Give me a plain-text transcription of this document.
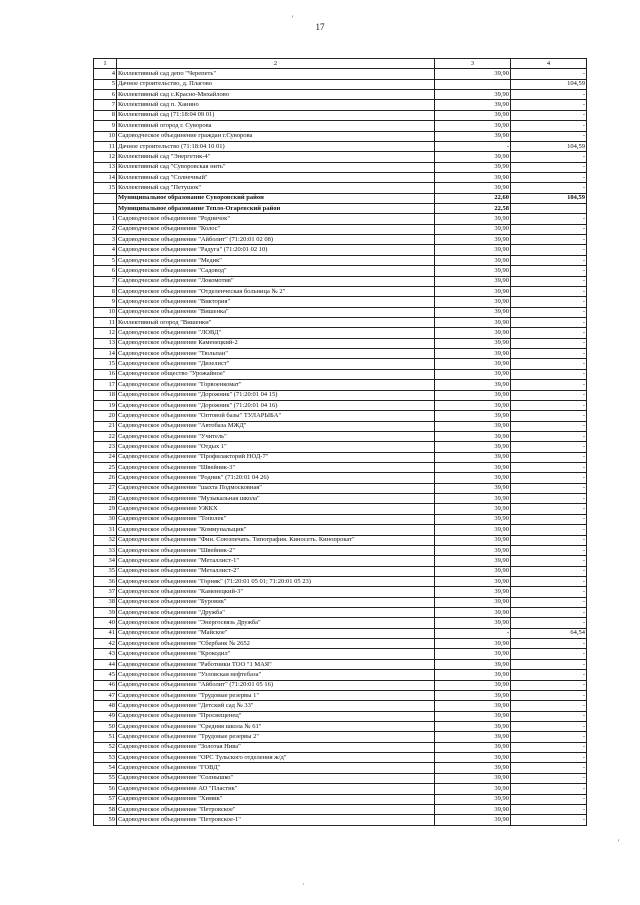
17
'
'
·
1	2	3	4
4	Коллективный сад депо "Черепеть"	39,90	-
5	Дачное строительство, д. Плагово		104,59
6	Коллективный сад с.Красно-Михайлово	39,90	-
7	Коллективный сад п. Ханино	39,90	-
8	Коллективный сад (71:18:04 09 01)	39,90	-
9	Коллективный огород г. Суворова	39,90	-
10	Садоводческое объединение граждан г.Суворова	39,90	-
11	Дачное строительство (71:18:04 10 01)	-	104,59
12	Коллективный сад "Энергетик-4"	39,90	-
13	Коллективный сад "Суворовская нить"	39,90	-
14	Коллективный сад "Солнечный"	39,90	-
15	Коллективный сад "Петушок"	39,90	-
	Муниципальное образование Суворовский район	22,60	104,59
	Муниципальное образование Тепло-Огаревский район	22,58	
1	Садоводческое объединение "Родничок"	39,90	-
2	Садоводческое объединение "Колос"	39,90	-
3	Садоводческое объединение "Айболит" (71:20:01 02 08)	39,90	-
4	Садоводческое объединение "Радуга" (71:20:01 02 10)	39,90	-
5	Садоводческое объединение "Медик"	39,90	-
6	Садоводческое объединение "Садовод"	39,90	-
7	Садоводческое объединение "Локомотив"	39,90	-
8	Садоводческое объединение "Отделенческая больница № 2"	39,90	-
9	Садоводческое объединение "Виктория"	39,90	-
10	Садоводческое объединение "Вишенка"	39,90	-
11	Коллективный огород "Вишенки"	39,90	-
12	Садоводческое объединение "ЛОВД"	39,90	-
13	Садоводческое объединение Каменецкий-2	39,90	-
14	Садоводческое объединение "Тюльпан"	39,90	-
15	Садоводческое объединение "Дизелист"	39,90	-
16	Садоводческое общество "Урожайное"	39,90	-
17	Садоводческое объединение "Горвоенкомат"	39,90	-
18	Садоводческое объединение "Дорожник" (71:20:01 04 15)	39,90	-
19	Садоводческое объединение "Дорожник" (71:20:01 04 16)	39,90	-
20	Садоводческое объединение "Оптовой базы" ТУЛАРЫБА"	39,90	-
21	Садоводческое объединение "Автобаза МЖД"	39,90	-
22	Садоводческое объединение "Учитель"	39,90	-
23	Садоводческое объединение "Отдых 1"	39,90	-
24	Садоводческое объединение "Профилакторий НОД-7"	39,90	-
25	Садоводческое объединение "Швейник-3"	39,90	-
26	Садоводческое объединение "Родник" (71:20:01 04 26)	39,90	-
27	Садоводческое объединение "шахта Подмосковная"	39,90	-
28	Садоводческое объединение "Музыкальная школа"	39,90	-
29	Садоводческое объединение УЖКХ	39,90	-
30	Садоводческое объединение "Тополек"	39,90	-
31	Садоводческое объединение "Коммунальщик"	39,90	-
32	Садоводческое объединение "Фин. Союзпечать. Типография. Киносеть. Кинопрокат"	39,90	-
33	Садоводческое объединение "Швейник-2"	39,90	-
34	Садоводческое объединение "Металлист-1"	39,90	-
35	Садоводческое объединение "Металлист-2"	39,90	-
36	Садоводческое объединение "Горняк" (71:20:01 05 01; 71:20:01 05 23)	39,90	-
37	Садоводческое объединение "Каменецкий-3"	39,90	-
38	Садоводческое объединение "Буровик"	39,90	-
39	Садоводческое объединение "Дружба"	39,90	-
40	Садоводческое объединение "Энергосвязь Дружба"	39,90	-
41	Садоводческое объединение "Майское"	-	64,54
42	Садоводческое объединение "Сбербанк № 2652	39,90	-
43	Садоводческое объединение "Крокодил"	39,90	-
44	Садоводческое объединение "Работники ТОО "1 МАЯ"	39,90	-
45	Садоводческое объединение "Узловская нефтебаза"	39,90	-
46	Садоводческое объединение "Айболит" (71:20:01 05 16)	39,90	-
47	Садоводческое объединение "Трудовые резервы 1"	39,90	-
48	Садоводческое объединение "Детский сад № 33"	39,90	-
49	Садоводческое объединение "Просвещенец"	39,90	-
50	Садоводческое объединение "Средняя школа № 61"	39,90	-
51	Садоводческое объединение "Трудовые резервы 2"	39,90	-
52	Садоводческое объединение "Золотая Нива"	39,90	-
53	Садоводческое объединение "ОРС Тульского отделения ж/д"	39,90	-
54	Садоводческое объединение "ГОВД"	39,90	-
55	Садоводческое объединение "Солнышко"	39,90	-
56	Садоводческое объединение АО "Пластик"	39,90	-
57	Садоводческое объединение "Химик"	39,90	-
58	Садоводческое объединение "Петровское"	39,90	-
59	Садоводческое объединение "Петровское-1"	39,90	-
